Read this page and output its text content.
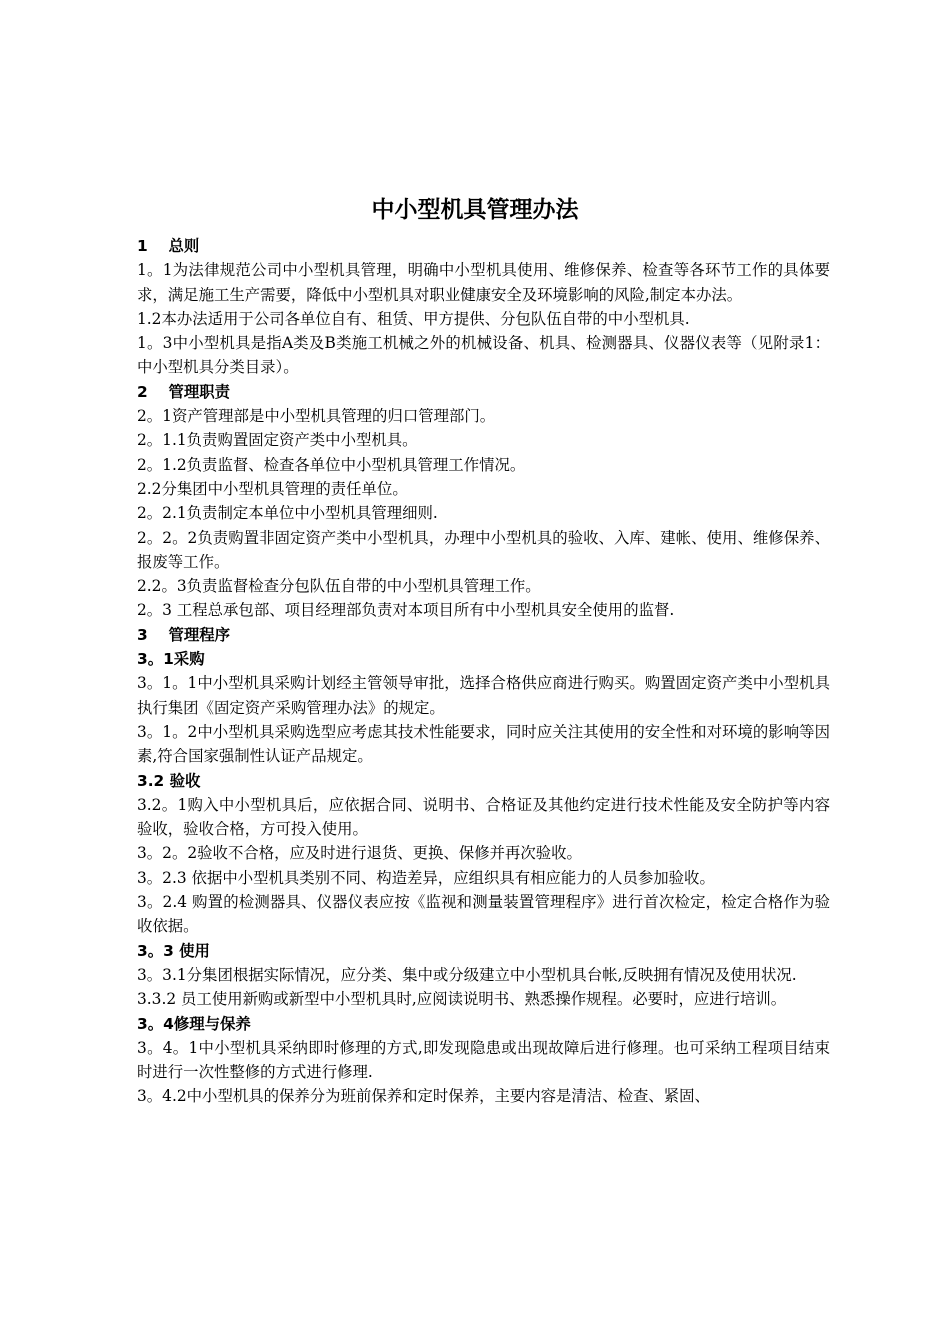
中小型机具管理办法

1　 总则

1。1为法律规范公司中小型机具管理，明确中小型机具使用、维修保养、检查等各环节工作的具体要求，满足施工生产需要，降低中小型机具对职业健康安全及环境影响的风险,制定本办法。

1.2本办法适用于公司各单位自有、租赁、甲方提供、分包队伍自带的中小型机具.

1。3中小型机具是指A类及B类施工机械之外的机械设备、机具、检测器具、仪器仪表等（见附录1：中小型机具分类目录）。

2　 管理职责

2。1资产管理部是中小型机具管理的归口管理部门。

2。1.1负责购置固定资产类中小型机具。

2。1.2负责监督、检查各单位中小型机具管理工作情况。

2.2分集团中小型机具管理的责任单位。

2。2.1负责制定本单位中小型机具管理细则.

2。2。2负责购置非固定资产类中小型机具，办理中小型机具的验收、入库、建帐、使用、维修保养、报废等工作。

2.2。3负责监督检查分包队伍自带的中小型机具管理工作。

2。3 工程总承包部、项目经理部负责对本项目所有中小型机具安全使用的监督.

3　 管理程序

3。1采购

3。1。1中小型机具采购计划经主管领导审批，选择合格供应商进行购买。购置固定资产类中小型机具执行集团《固定资产采购管理办法》的规定。

3。1。2中小型机具采购选型应考虑其技术性能要求，同时应关注其使用的安全性和对环境的影响等因素,符合国家强制性认证产品规定。

3.2 验收

3.2。1购入中小型机具后，应依据合同、说明书、合格证及其他约定进行技术性能及安全防护等内容验收，验收合格，方可投入使用。

3。2。2验收不合格，应及时进行退货、更换、保修并再次验收。

3。2.3 依据中小型机具类别不同、构造差异，应组织具有相应能力的人员参加验收。

3。2.4 购置的检测器具、仪器仪表应按《监视和测量装置管理程序》进行首次检定，检定合格作为验收依据。

3。3 使用

3。3.1分集团根据实际情况，应分类、集中或分级建立中小型机具台帐,反映拥有情况及使用状况.

3.3.2 员工使用新购或新型中小型机具时,应阅读说明书、熟悉操作规程。必要时，应进行培训。

3。4修理与保养

3。4。1中小型机具采纳即时修理的方式,即发现隐患或出现故障后进行修理。也可采纳工程项目结束时进行一次性整修的方式进行修理.

3。4.2中小型机具的保养分为班前保养和定时保养，主要内容是清洁、检查、紧固、
